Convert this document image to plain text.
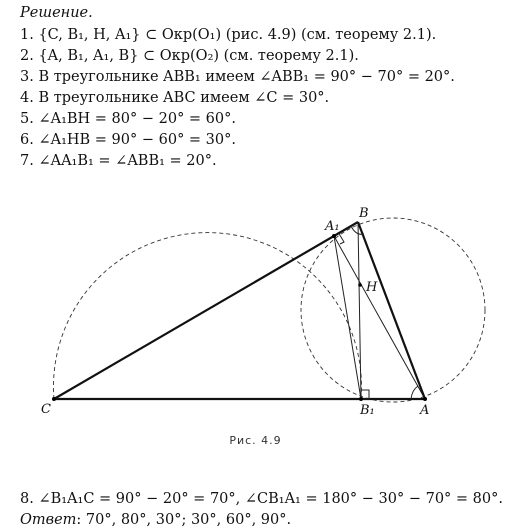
Решение.
1. {C, B₁, H, A₁} ⊂ Окр(O₁) (рис. 4.9) (см. теорему 2.1).
2. {A, B₁, A₁, B} ⊂ Окр(O₂) (см. теорему 2.1).
3. В треугольнике ABB₁ имеем ∠ABB₁ = 90° − 70° = 20°.
4. В треугольнике ABC имеем ∠C = 30°.
5. ∠A₁BH = 80° − 20° = 60°.
6. ∠A₁HB = 90° − 60° = 30°.
7. ∠AA₁B₁ = ∠ABB₁ = 20°.
C	A
B
A₁
B₁
H
Рис. 4.9
8. ∠B₁A₁C = 90° − 20° = 70°, ∠CB₁A₁ = 180° − 30° − 70° = 80°.
Ответ: 70°, 80°, 30°; 30°, 60°, 90°.
